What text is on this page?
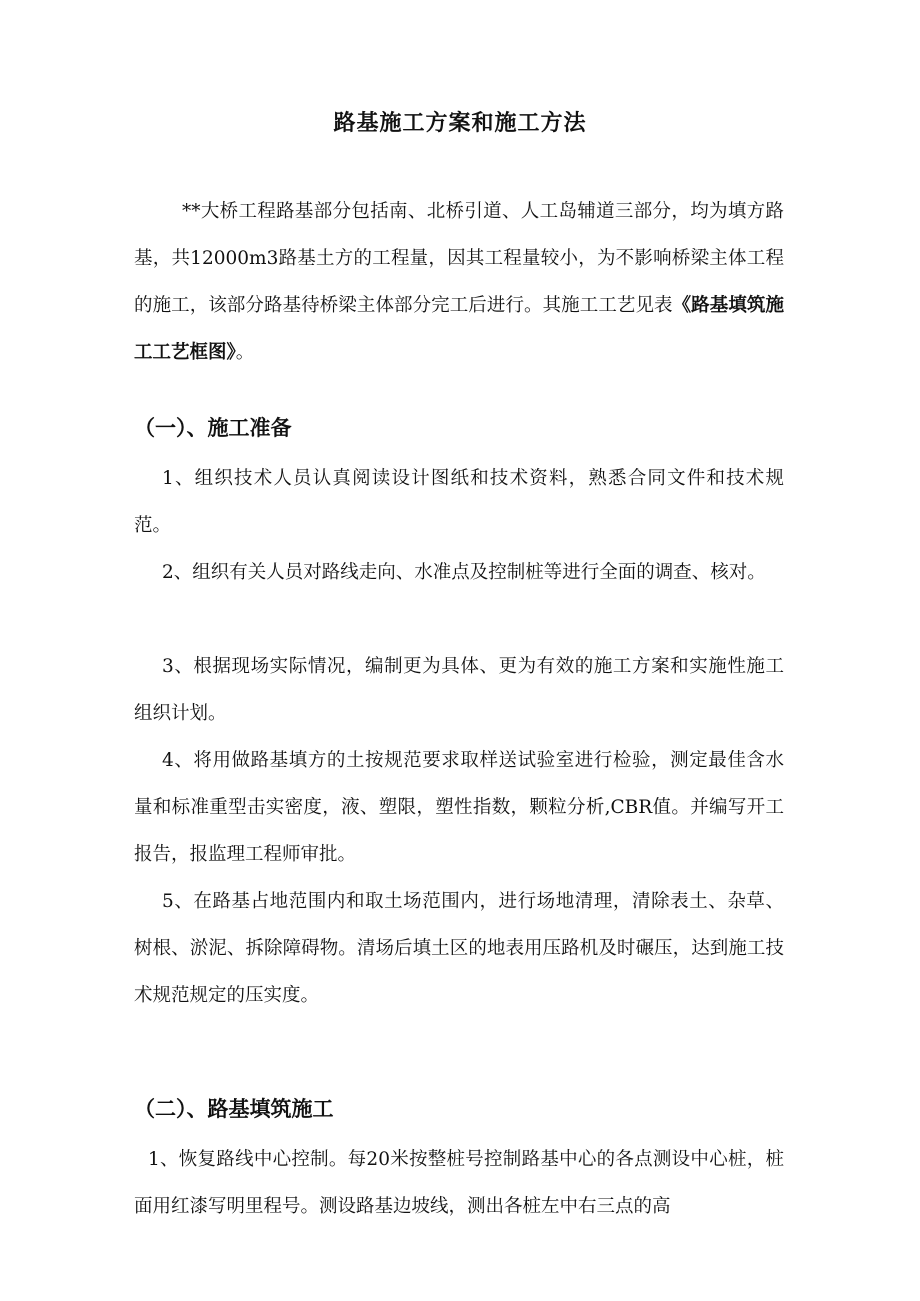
路基施工方案和施工方法
**大桥工程路基部分包括南、北桥引道、人工岛辅道三部分，均为填方路基，共12000m3路基土方的工程量，因其工程量较小，为不影响桥梁主体工程的施工，该部分路基待桥梁主体部分完工后进行。其施工工艺见表《路基填筑施工工艺框图》。
（一）、施工准备
1、组织技术人员认真阅读设计图纸和技术资料，熟悉合同文件和技术规范。
2、组织有关人员对路线走向、水准点及控制桩等进行全面的调查、核对。
3、根据现场实际情况，编制更为具体、更为有效的施工方案和实施性施工组织计划。
4、将用做路基填方的土按规范要求取样送试验室进行检验，测定最佳含水量和标准重型击实密度，液、塑限，塑性指数，颗粒分析,CBR值。并编写开工报告，报监理工程师审批。
5、在路基占地范围内和取土场范围内，进行场地清理，清除表土、杂草、树根、淤泥、拆除障碍物。清场后填土区的地表用压路机及时碾压，达到施工技术规范规定的压实度。
（二）、路基填筑施工
1、恢复路线中心控制。每20米按整桩号控制路基中心的各点测设中心桩，桩面用红漆写明里程号。测设路基边坡线，测出各桩左中右三点的高
